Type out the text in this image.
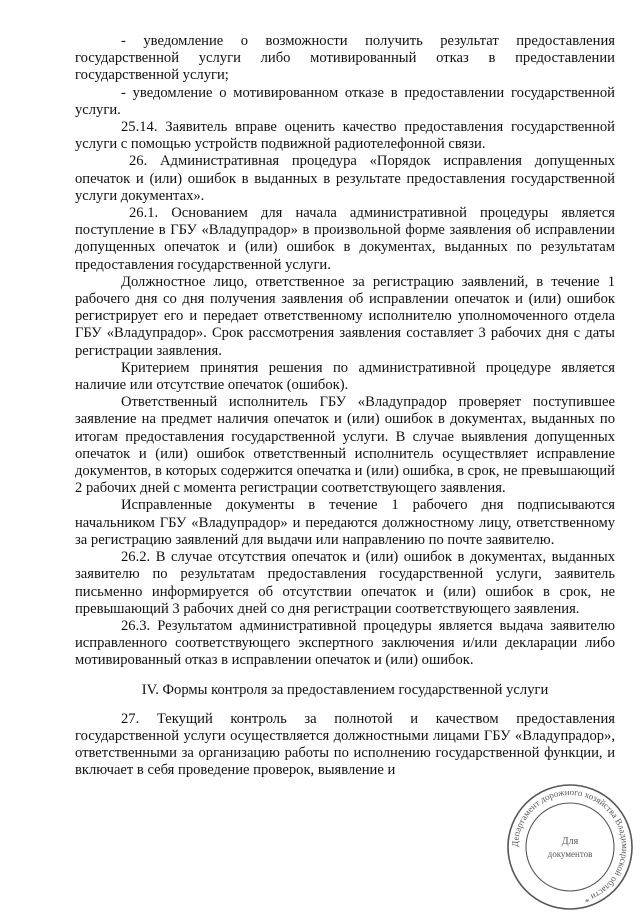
- уведомление о возможности получить результат предоставления государственной услуги либо мотивированный отказ в предоставлении государственной услуги;

- уведомление о мотивированном отказе в предоставлении государственной услуги.

25.14. Заявитель вправе оценить качество предоставления государственной услуги с помощью устройств подвижной радиотелефонной связи.

26. Административная процедура «Порядок исправления допущенных опечаток и (или) ошибок в выданных в результате предоставления государственной услуги документах».

26.1. Основанием для начала административной процедуры является поступление в ГБУ «Владупрадор» в произвольной форме заявления об исправлении допущенных опечаток и (или) ошибок в документах, выданных по результатам предоставления государственной услуги.

Должностное лицо, ответственное за регистрацию заявлений, в течение 1 рабочего дня со дня получения заявления об исправлении опечаток и (или) ошибок регистрирует его и передает ответственному исполнителю уполномоченного отдела ГБУ «Владупрадор». Срок рассмотрения заявления составляет 3 рабочих дня с даты регистрации заявления.

Критерием принятия решения по административной процедуре является наличие или отсутствие опечаток (ошибок).

Ответственный исполнитель ГБУ «Владупрадор проверяет поступившее заявление на предмет наличия опечаток и (или) ошибок в документах, выданных по итогам предоставления государственной услуги. В случае выявления допущенных опечаток и (или) ошибок ответственный исполнитель осуществляет исправление документов, в которых содержится опечатка и (или) ошибка, в срок, не превышающий 2 рабочих дней с момента регистрации соответствующего заявления.

Исправленные документы в течение 1 рабочего дня подписываются начальником ГБУ «Владупрадор» и передаются должностному лицу, ответственному за регистрацию заявлений для выдачи или направлению по почте заявителю.

26.2. В случае отсутствия опечаток и (или) ошибок в документах, выданных заявителю по результатам предоставления государственной услуги, заявитель письменно информируется об отсутствии опечаток и (или) ошибок в срок, не превышающий 3 рабочих дней со дня регистрации соответствующего заявления.

26.3. Результатом административной процедуры является выдача заявителю исправленного соответствующего экспертного заключения и/или декларации либо мотивированный отказ в исправлении опечаток и (или) ошибок.

IV. Формы контроля за предоставлением государственной услуги

27. Текущий контроль за полнотой и качеством предоставления государственной услуги осуществляется должностными лицами ГБУ «Владупрадор», ответственными за организацию работы по исполнению государственной функции, и включает в себя проведение проверок, выявление и

Департамент дорожного хозяйства Владимирской области *
Для
документов
